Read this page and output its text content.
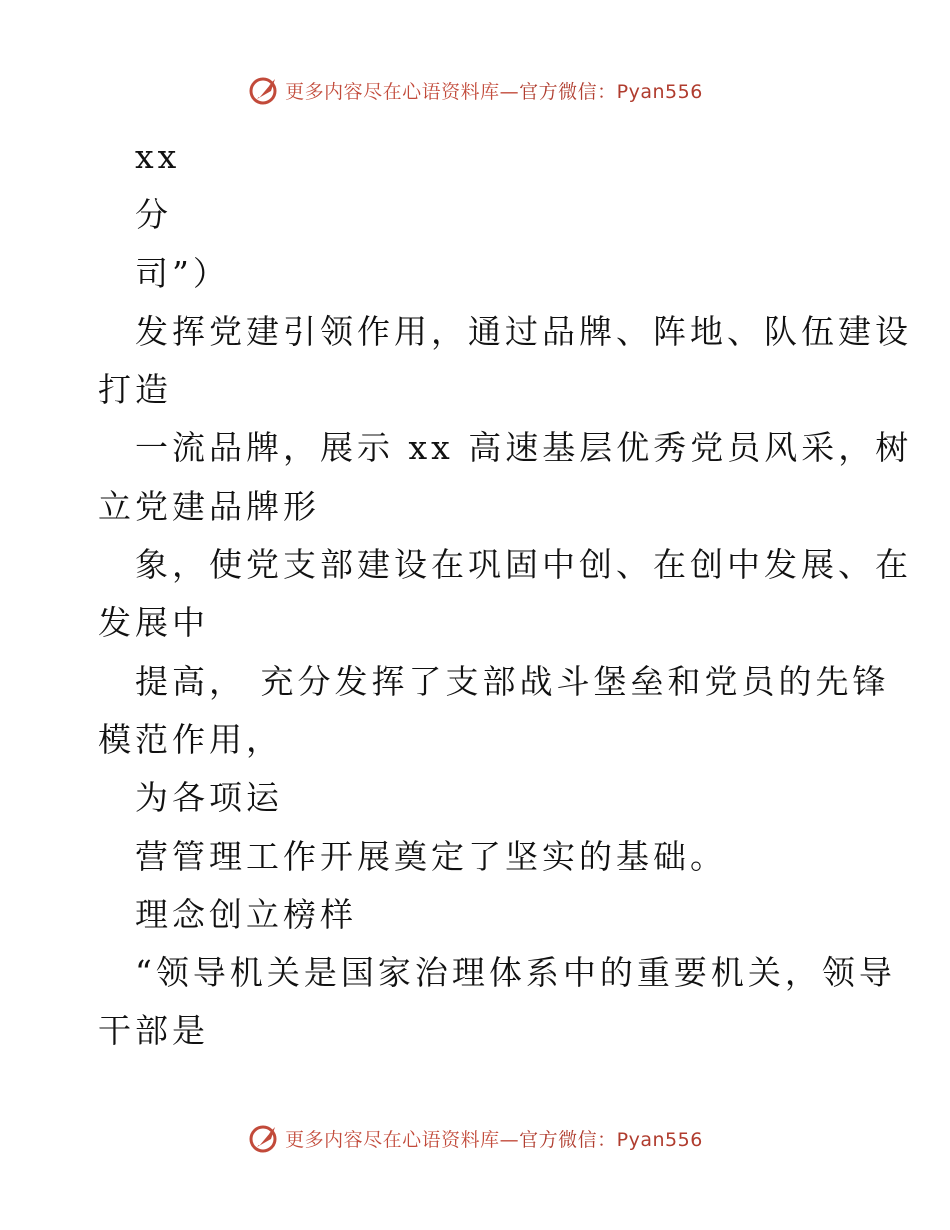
更多内容尽在心语资料库—官方微信：Pyan556

xx

分

司”）

发挥党建引领作用，通过品牌、阵地、队伍建设

打造

一流品牌，展示 xx 高速基层优秀党员风采，树

立党建品牌形

象，使党支部建设在巩固中创、在创中发展、在

发展中

提高， 充分发挥了支部战斗堡垒和党员的先锋

模范作用，

为各项运

营管理工作开展奠定了坚实的基础。

理念创立榜样

“领导机关是国家治理体系中的重要机关，领导

干部是

更多内容尽在心语资料库—官方微信：Pyan556
